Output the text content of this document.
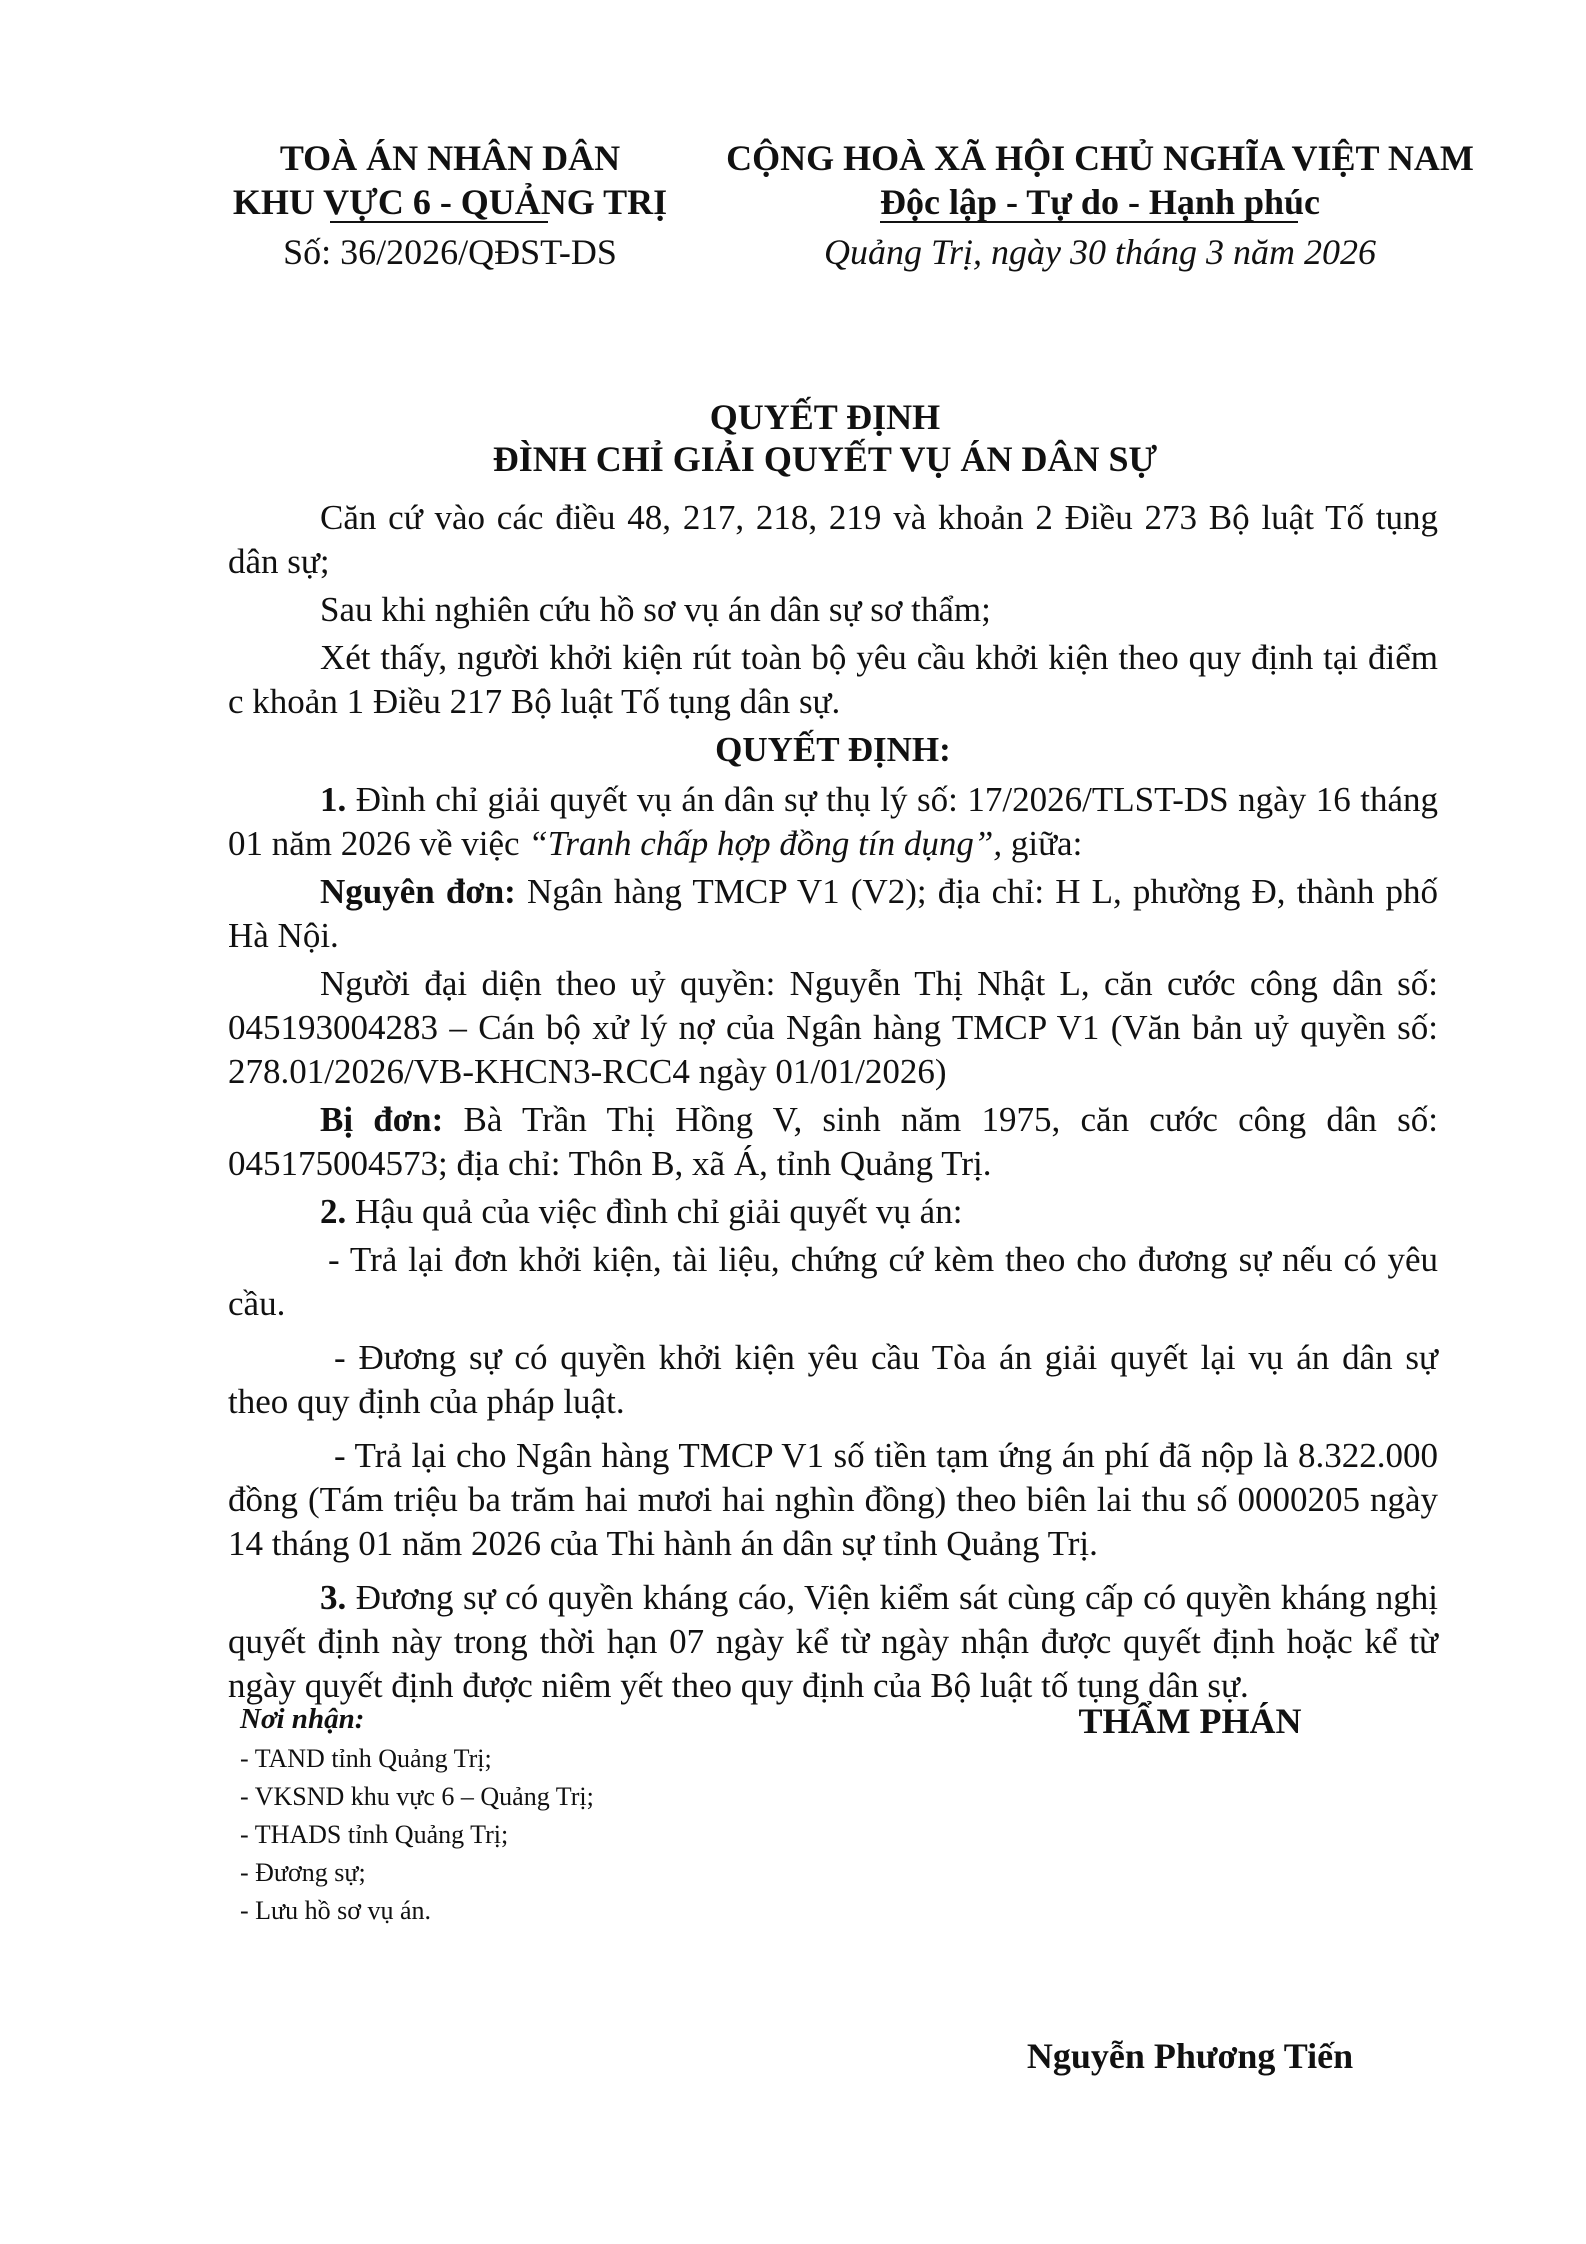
TOÀ ÁN NHÂN DÂN
KHU VỰC 6 - QUẢNG TRỊ
Số: 36/2026/QĐST-DS
CỘNG HOÀ XÃ HỘI CHỦ NGHĨA VIỆT NAM
Độc lập - Tự do - Hạnh phúc
Quảng Trị, ngày 30 tháng 3 năm 2026
QUYẾT ĐỊNH
ĐÌNH CHỈ GIẢI QUYẾT VỤ ÁN DÂN SỰ

Căn cứ vào các điều 48, 217, 218, 219 và khoản 2 Điều 273 Bộ luật Tố tụng dân sự;

Sau khi nghiên cứu hồ sơ vụ án dân sự sơ thẩm;

Xét thấy, người khởi kiện rút toàn bộ yêu cầu khởi kiện theo quy định tại điểm c khoản 1 Điều 217 Bộ luật Tố tụng dân sự.

QUYẾT ĐỊNH:

1. Đình chỉ giải quyết vụ án dân sự thụ lý số: 17/2026/TLST-DS ngày 16 tháng 01 năm 2026 về việc “Tranh chấp hợp đồng tín dụng”, giữa:

Nguyên đơn: Ngân hàng TMCP V1 (V2); địa chỉ: H L, phường Đ, thành phố Hà Nội.

Người đại diện theo uỷ quyền: Nguyễn Thị Nhật L, căn cước công dân số: 045193004283 – Cán bộ xử lý nợ của Ngân hàng TMCP V1 (Văn bản uỷ quyền số: 278.01/2026/VB-KHCN3-RCC4 ngày 01/01/2026)

Bị đơn: Bà Trần Thị Hồng V, sinh năm 1975, căn cước công dân số: 045175004573; địa chỉ: Thôn B, xã Á, tỉnh Quảng Trị.

2. Hậu quả của việc đình chỉ giải quyết vụ án:

- Trả lại đơn khởi kiện, tài liệu, chứng cứ kèm theo cho đương sự nếu có yêu cầu.

- Đương sự có quyền khởi kiện yêu cầu Tòa án giải quyết lại vụ án dân sự theo quy định của pháp luật.

- Trả lại cho Ngân hàng TMCP V1 số tiền tạm ứng án phí đã nộp là 8.322.000 đồng (Tám triệu ba trăm hai mươi hai nghìn đồng) theo biên lai thu số 0000205 ngày 14 tháng 01 năm 2026 của Thi hành án dân sự tỉnh Quảng Trị.

3. Đương sự có quyền kháng cáo, Viện kiểm sát cùng cấp có quyền kháng nghị quyết định này trong thời hạn 07 ngày kể từ ngày nhận được quyết định hoặc kể từ ngày quyết định được niêm yết theo quy định của Bộ luật tố tụng dân sự.

Nơi nhận:
- TAND tỉnh Quảng Trị;
- VKSND khu vực 6 – Quảng Trị;
- THADS tỉnh Quảng Trị;
- Đương sự;
- Lưu hồ sơ vụ án.
THẨM PHÁN
Nguyễn Phương Tiến
